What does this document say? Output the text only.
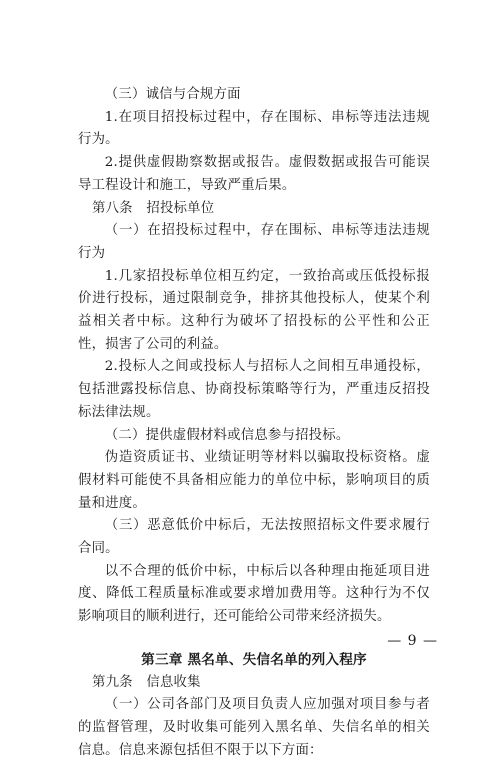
（三）诚信与合规方面

1.在项目招投标过程中，存在围标、串标等违法违规行为。

2.提供虚假勘察数据或报告。虚假数据或报告可能误导工程设计和施工，导致严重后果。

第八条　招投标单位

（一）在招投标过程中，存在围标、串标等违法违规行为

1.几家招投标单位相互约定，一致抬高或压低投标报价进行投标，通过限制竞争，排挤其他投标人，使某个利益相关者中标。这种行为破坏了招投标的公平性和公正性，损害了公司的利益。

2.投标人之间或投标人与招标人之间相互串通投标，包括泄露投标信息、协商投标策略等行为，严重违反招投标法律法规。

（二）提供虚假材料或信息参与招投标。

伪造资质证书、业绩证明等材料以骗取投标资格。虚假材料可能使不具备相应能力的单位中标，影响项目的质量和进度。

（三）恶意低价中标后，无法按照招标文件要求履行合同。

以不合理的低价中标，中标后以各种理由拖延项目进度、降低工程质量标准或要求增加费用等。这种行为不仅影响项目的顺利进行，还可能给公司带来经济损失。

第三章 黑名单、失信名单的列入程序

第九条　信息收集

（一）公司各部门及项目负责人应加强对项目参与者的监督管理，及时收集可能列入黑名单、失信名单的相关信息。信息来源包括但不限于以下方面：

— 9 —
